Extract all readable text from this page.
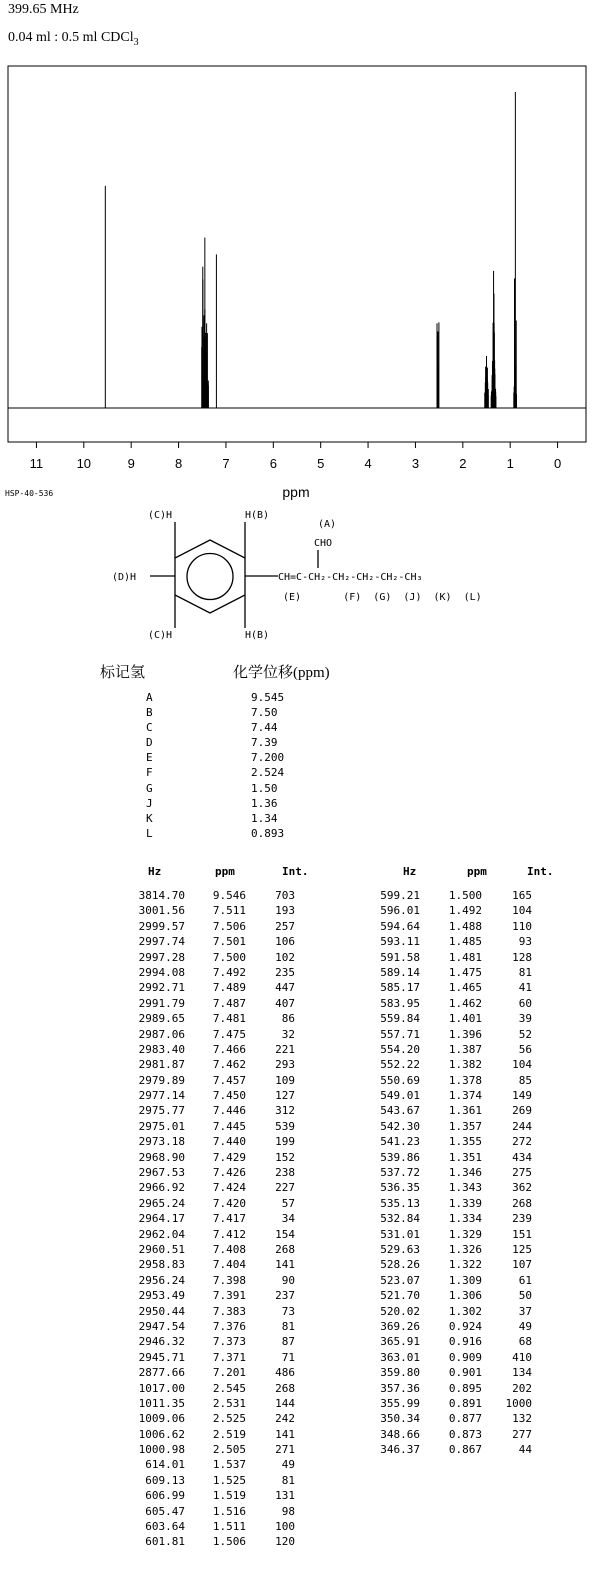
399.65 MHz
0.04 ml : 0.5 ml CDCl$_3$
11	10	9	8	7	6	5	4	3	2	1	0
ppm
HSP-40-536
(C)H	H(B)
(A)
CHO
(D)H	CH=C-CH₂-CH₂-CH₂-CH₂-CH₃
(E)       (F)  (G)  (J)  (K)  (L)
(C)H	H(B)
标记氢	化学位移(ppm)
A	9.545
B	7.50
C	7.44
D	7.39
E	7.200
F	2.524
G	1.50
J	1.36
K	1.34
L	0.893
Hz	ppm	Int.	Hz	ppm	Int.
3814.70	9.546	703
3001.56	7.511	193
2999.57	7.506	257
2997.74	7.501	106
2997.28	7.500	102
2994.08	7.492	235
2992.71	7.489	447
2991.79	7.487	407
2989.65	7.481	86
2987.06	7.475	32
2983.40	7.466	221
2981.87	7.462	293
2979.89	7.457	109
2977.14	7.450	127
2975.77	7.446	312
2975.01	7.445	539
2973.18	7.440	199
2968.90	7.429	152
2967.53	7.426	238
2966.92	7.424	227
2965.24	7.420	57
2964.17	7.417	34
2962.04	7.412	154
2960.51	7.408	268
2958.83	7.404	141
2956.24	7.398	90
2953.49	7.391	237
2950.44	7.383	73
2947.54	7.376	81
2946.32	7.373	87
2945.71	7.371	71
2877.66	7.201	486
1017.00	2.545	268
1011.35	2.531	144
1009.06	2.525	242
1006.62	2.519	141
1000.98	2.505	271
614.01	1.537	49
609.13	1.525	81
606.99	1.519	131
605.47	1.516	98
603.64	1.511	100
601.81	1.506	120
599.21	1.500	165
596.01	1.492	104
594.64	1.488	110
593.11	1.485	93
591.58	1.481	128
589.14	1.475	81
585.17	1.465	41
583.95	1.462	60
559.84	1.401	39
557.71	1.396	52
554.20	1.387	56
552.22	1.382	104
550.69	1.378	85
549.01	1.374	149
543.67	1.361	269
542.30	1.357	244
541.23	1.355	272
539.86	1.351	434
537.72	1.346	275
536.35	1.343	362
535.13	1.339	268
532.84	1.334	239
531.01	1.329	151
529.63	1.326	125
528.26	1.322	107
523.07	1.309	61
521.70	1.306	50
520.02	1.302	37
369.26	0.924	49
365.91	0.916	68
363.01	0.909	410
359.80	0.901	134
357.36	0.895	202
355.99	0.891	1000
350.34	0.877	132
348.66	0.873	277
346.37	0.867	44
